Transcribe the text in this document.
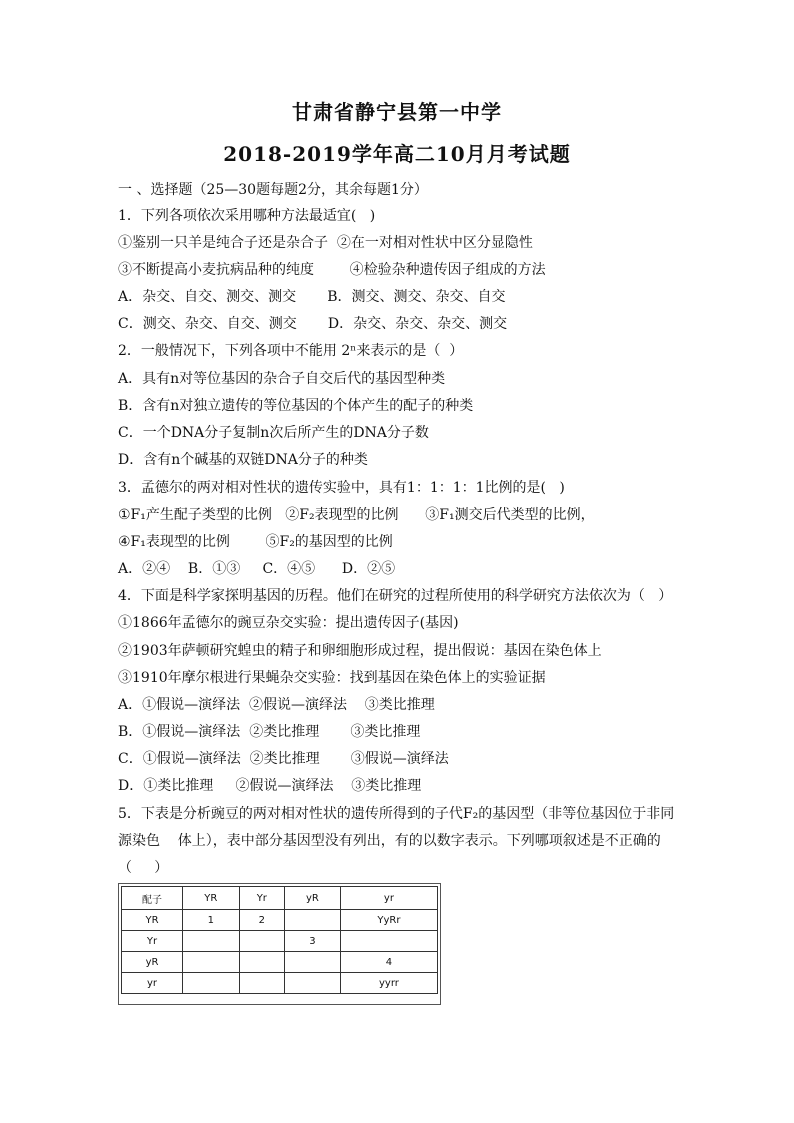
甘肃省静宁县第一中学
2018-2019学年高二10月月考试题
一 、选择题（25—30题每题2分，其余每题1分）
1．下列各项依次采用哪种方法最适宜(   )
①鉴别一只羊是纯合子还是杂合子  ②在一对相对性状中区分显隐性
③不断提高小麦抗病品种的纯度        ④检验杂种遗传因子组成的方法
A．杂交、自交、测交、测交       B．测交、测交、杂交、自交
C．测交、杂交、自交、测交       D．杂交、杂交、杂交、测交
2．一般情况下，下列各项中不能用 2ⁿ来表示的是（  ）
A．具有n对等位基因的杂合子自交后代的基因型种类
B．含有n对独立遗传的等位基因的个体产生的配子的种类
C．一个DNA分子复制n次后所产生的DNA分子数
D．含有n个碱基的双链DNA分子的种类
3．孟德尔的两对相对性状的遗传实验中，具有1：1：1：1比例的是(   )
①F₁产生配子类型的比例   ②F₂表现型的比例      ③F₁测交后代类型的比例，
④F₁表现型的比例        ⑤F₂的基因型的比例
A．②④    B．①③     C．④⑤      D．②⑤
4．下面是科学家探明基因的历程。他们在研究的过程所使用的科学研究方法依次为（   ）
①1866年孟德尔的豌豆杂交实验：提出遗传因子(基因)
②1903年萨顿研究蝗虫的精子和卵细胞形成过程，提出假说：基因在染色体上
③1910年摩尔根进行果蝇杂交实验：找到基因在染色体上的实验证据
A．①假说—演绎法  ②假说—演绎法    ③类比推理
B．①假说—演绎法  ②类比推理       ③类比推理
C．①假说—演绎法  ②类比推理       ③假说—演绎法
D．①类比推理     ②假说—演绎法    ③类比推理
5．下表是分析豌豆的两对相对性状的遗传所得到的子代F₂的基因型（非等位基因位于非同
源染色    体上），表中部分基因型没有列出，有的以数字表示。下列哪项叙述是不正确的
（     ）
配子	YR	Yr	yR	yr
YR	1	2		YyRr
Yr			3	
yR				4
yr				yyrr
